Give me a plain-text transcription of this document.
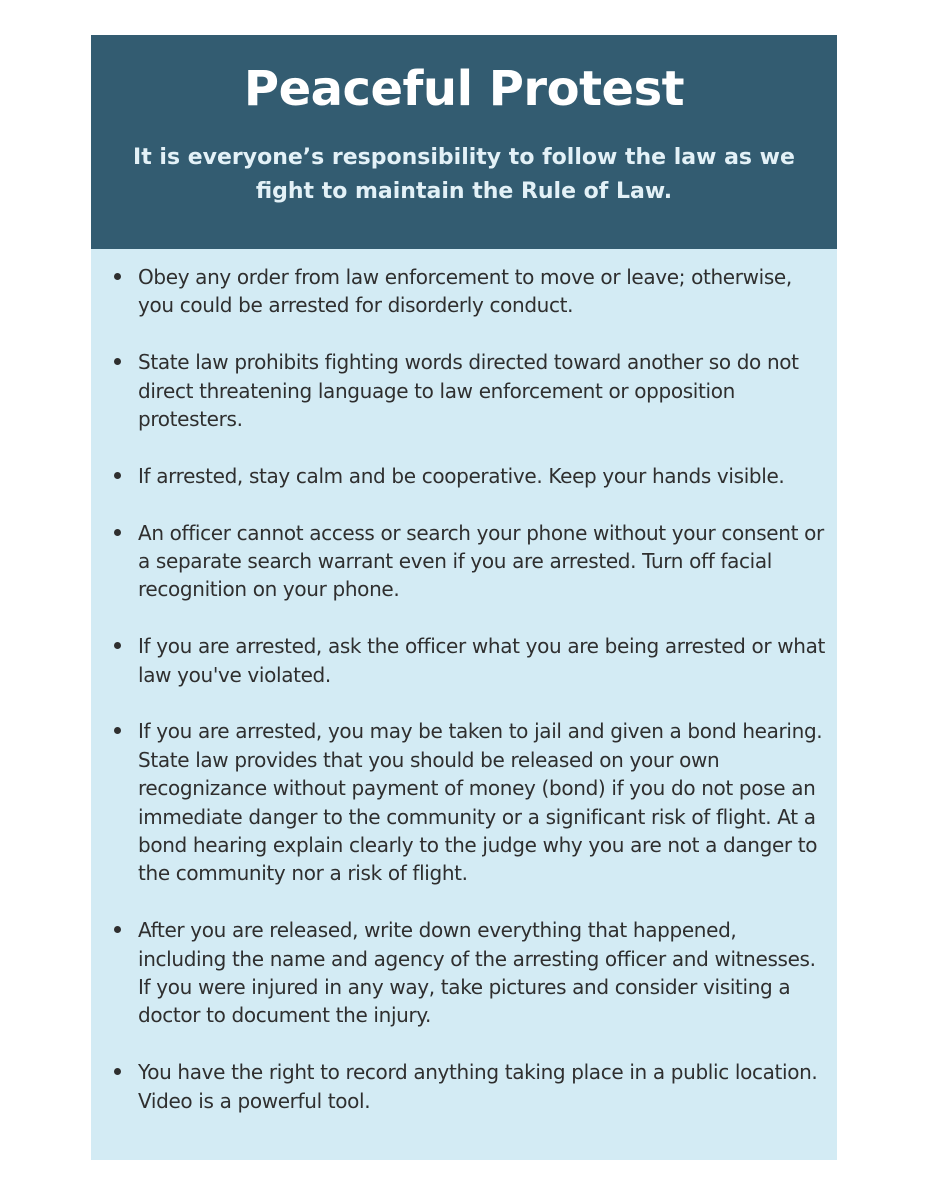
Peaceful Protest

It is everyone’s responsibility to follow the law as we fight to maintain the Rule of Law.

Obey any order from law enforcement to move or leave; otherwise, you could be arrested for disorderly conduct.
State law prohibits fighting words directed toward another so do not direct threatening language to law enforcement or opposition protesters.
If arrested, stay calm and be cooperative. Keep your hands visible.
An officer cannot access or search your phone without your consent or a separate search warrant even if you are arrested. Turn off facial recognition on your phone.
If you are arrested, ask the officer what you are being arrested or what law you've violated.
If you are arrested, you may be taken to jail and given a bond hearing. State law provides that you should be released on your own recognizance without payment of money (bond) if you do not pose an immediate danger to the community or a significant risk of flight. At a bond hearing explain clearly to the judge why you are not a danger to the community nor a risk of flight.
After you are released, write down everything that happened, including the name and agency of the arresting officer and witnesses. If you were injured in any way, take pictures and consider visiting a doctor to document the injury.
You have the right to record anything taking place in a public location. Video is a powerful tool.
